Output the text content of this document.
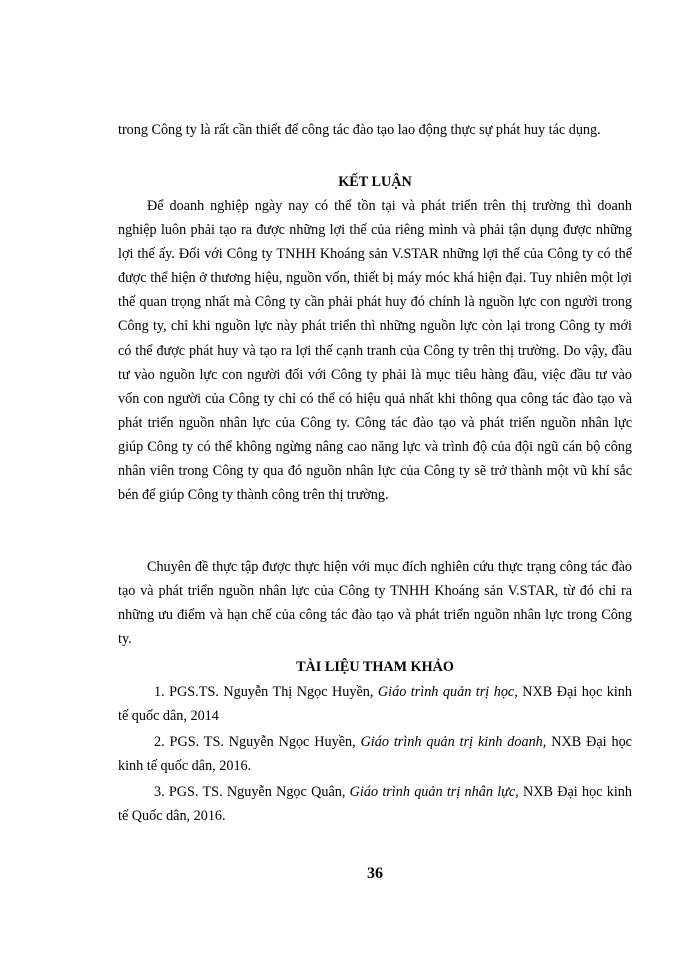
trong Công ty là rất cần thiết để công tác đào tạo lao động thực sự phát huy tác dụng.

KẾT LUẬN

Để doanh nghiệp ngày nay có thể tồn tại và phát triển trên thị trường thì doanh nghiệp luôn phải tạo ra được những lợi thế của riêng mình và phải tận dụng được những lợi thế ấy. Đối với Công ty TNHH Khoáng sản V.STAR những lợi thế của Công ty có thể được thể hiện ở thương hiệu, nguồn vốn, thiết bị máy móc khá hiện đại. Tuy nhiên một lợi thế quan trọng nhất mà Công ty cần phải phát huy đó chính là nguồn lực con người trong Công ty, chỉ khi nguồn lực này phát triển thì những nguồn lực còn lại trong Công ty mới có thể được phát huy và tạo ra lợi thế cạnh tranh của Công ty trên thị trường. Do vậy, đầu tư vào nguồn lực con người đối với Công ty phải là mục tiêu hàng đầu, việc đầu tư vào vốn con người của Công ty chỉ có thể có hiệu quả nhất khi thông qua công tác đào tạo và phát triển nguồn nhân lực của Công ty. Công tác đào tạo và phát triển nguồn nhân lực giúp Công ty có thể không ngừng nâng cao năng lực và trình độ của đội ngũ cán bộ công nhân viên trong Công ty qua đó nguồn nhân lực của Công ty sẽ trở thành một vũ khí sắc bén để giúp Công ty thành công trên thị trường.

Chuyên đề thực tập được thực hiện với mục đích nghiên cứu thực trạng công tác đào tạo và phát triển nguồn nhân lực của Công ty TNHH Khoáng sản V.STAR, từ đó chỉ ra những ưu điểm và hạn chế của công tác đào tạo và phát triển nguồn nhân lực trong Công ty.

TÀI LIỆU THAM KHẢO

1. PGS.TS. Nguyễn Thị Ngọc Huyền, Giáo trình quản trị học, NXB Đại học kinh tế quốc dân, 2014

2. PGS. TS. Nguyễn Ngọc Huyền, Giáo trình quản trị kinh doanh, NXB Đại học kinh tế quốc dân, 2016.

3. PGS. TS. Nguyễn Ngọc Quân, Giáo trình quản trị nhân lực, NXB Đại học kinh tế Quốc dân, 2016.

36
